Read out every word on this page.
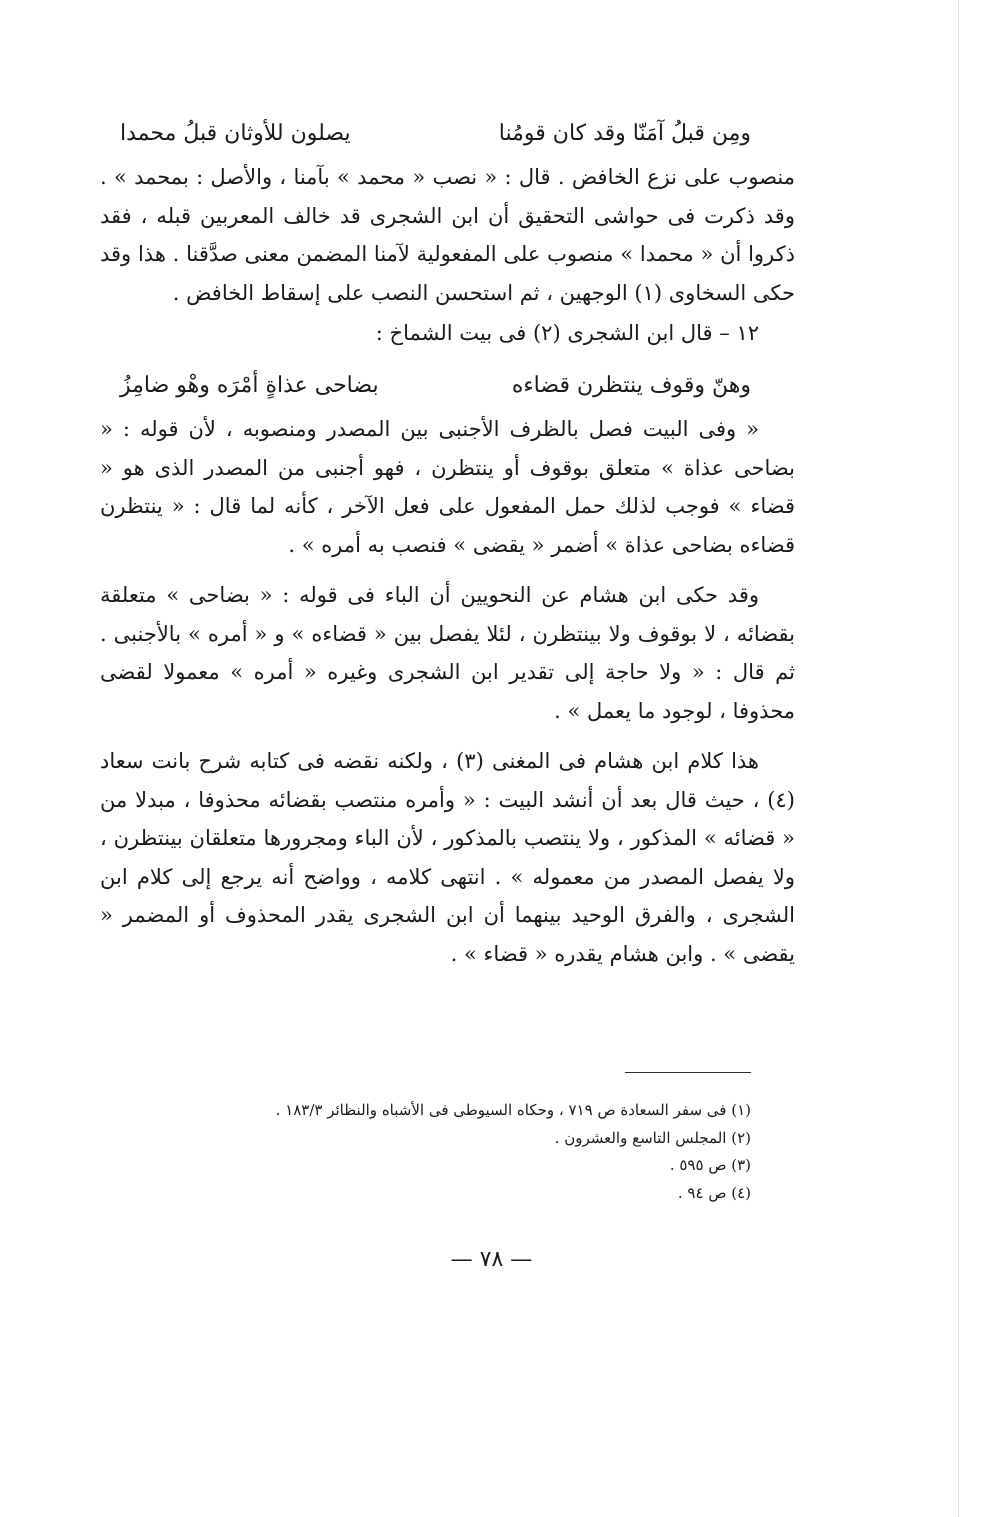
ومِن قبلُ آمَنّا وقد كان قومُنا
يصلون للأوثان قبلُ محمدا

منصوب على نزع الخافض . قال : « نصب « محمد » بآمنا ، والأصل : بمحمد » . وقد ذكرت فى حواشى التحقيق أن ابن الشجرى قد خالف المعربين قبله ، فقد ذكروا أن « محمدا » منصوب على المفعولية لآمنا المضمن معنى صدَّقنا . هذا وقد حكى السخاوى (١) الوجهين ، ثم استحسن النصب على إسقاط الخافض .

١٢ – قال ابن الشجرى (٢) فى بيت الشماخ :

وهنّ وقوف ينتظرن قضاءه
بضاحى عذاةٍ أمْرَه وهْو ضامِزُ

« وفى البيت فصل بالظرف الأجنبى بين المصدر ومنصوبه ، لأن قوله : « بضاحى عذاة » متعلق بوقوف أو ينتظرن ، فهو أجنبى من المصدر الذى هو « قضاء » فوجب لذلك حمل المفعول على فعل الآخر ، كأنه لما قال : « ينتظرن قضاءه بضاحى عذاة » أضمر « يقضى » فنصب به أمره » .

وقد حكى ابن هشام عن النحويين أن الباء فى قوله : « بضاحى » متعلقة بقضائه ، لا بوقوف ولا بينتظرن ، لئلا يفصل بين « قضاءه » و « أمره » بالأجنبى . ثم قال : « ولا حاجة إلى تقدير ابن الشجرى وغيره « أمره » معمولا لقضى محذوفا ، لوجود ما يعمل » .

هذا كلام ابن هشام فى المغنى (٣) ، ولكنه نقضه فى كتابه شرح بانت سعاد (٤) ، حيث قال بعد أن أنشد البيت : « وأمره منتصب بقضائه محذوفا ، مبدلا من « قضائه » المذكور ، ولا ينتصب بالمذكور ، لأن الباء ومجرورها متعلقان بينتظرن ، ولا يفصل المصدر من معموله » . انتهى كلامه ، وواضح أنه يرجع إلى كلام ابن الشجرى ، والفرق الوحيد بينهما أن ابن الشجرى يقدر المحذوف أو المضمر « يقضى » . وابن هشام يقدره « قضاء » .

(١) فى سفر السعادة ص ٧١٩ ، وحكاه السيوطى فى الأشباه والنظائر ١٨٣/٣ .
(٢) المجلس التاسع والعشرون .
(٣) ص ٥٩٥ .
(٤) ص ٩٤ .
— ٧٨ —
